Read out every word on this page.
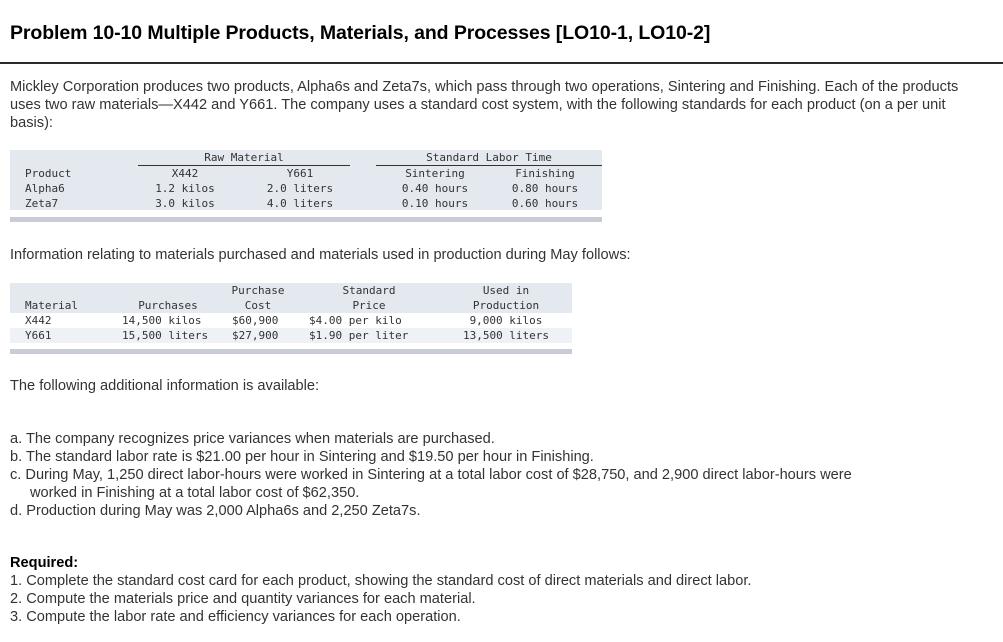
Problem 10-10 Multiple Products, Materials, and Processes [LO10-1, LO10-2]

Mickley Corporation produces two products, Alpha6s and Zeta7s, which pass through two operations, Sintering and Finishing. Each of the products uses two raw materials—X442 and Y661. The company uses a standard cost system, with the following standards for each product (on a per unit basis):

Raw Material	Standard Labor Time
Product	X442	Y661	Sintering	Finishing
Alpha6	1.2 kilos	2.0 liters	0.40 hours	0.80 hours
Zeta7	3.0 kilos	4.0 liters	0.10 hours	0.60 hours

Information relating to materials purchased and materials used in production during May follows:

Purchase	Standard	Used in
Material	Purchases	Cost	Price	Production
X442	14,500 kilos	$60,900	$4.00 per kilo	9,000 kilos
Y661	15,500 liters $27,900	$1.90 per liter	13,500 liters

The following additional information is available:

a. The company recognizes price variances when materials are purchased.
b. The standard labor rate is $21.00 per hour in Sintering and $19.50 per hour in Finishing.
c. During May, 1,250 direct labor-hours were worked in Sintering at a total labor cost of $28,750, and 2,900 direct labor-hours were
worked in Finishing at a total labor cost of $62,350.
d. Production during May was 2,000 Alpha6s and 2,250 Zeta7s.
Required:
1. Complete the standard cost card for each product, showing the standard cost of direct materials and direct labor.
2. Compute the materials price and quantity variances for each material.
3. Compute the labor rate and efficiency variances for each operation.
